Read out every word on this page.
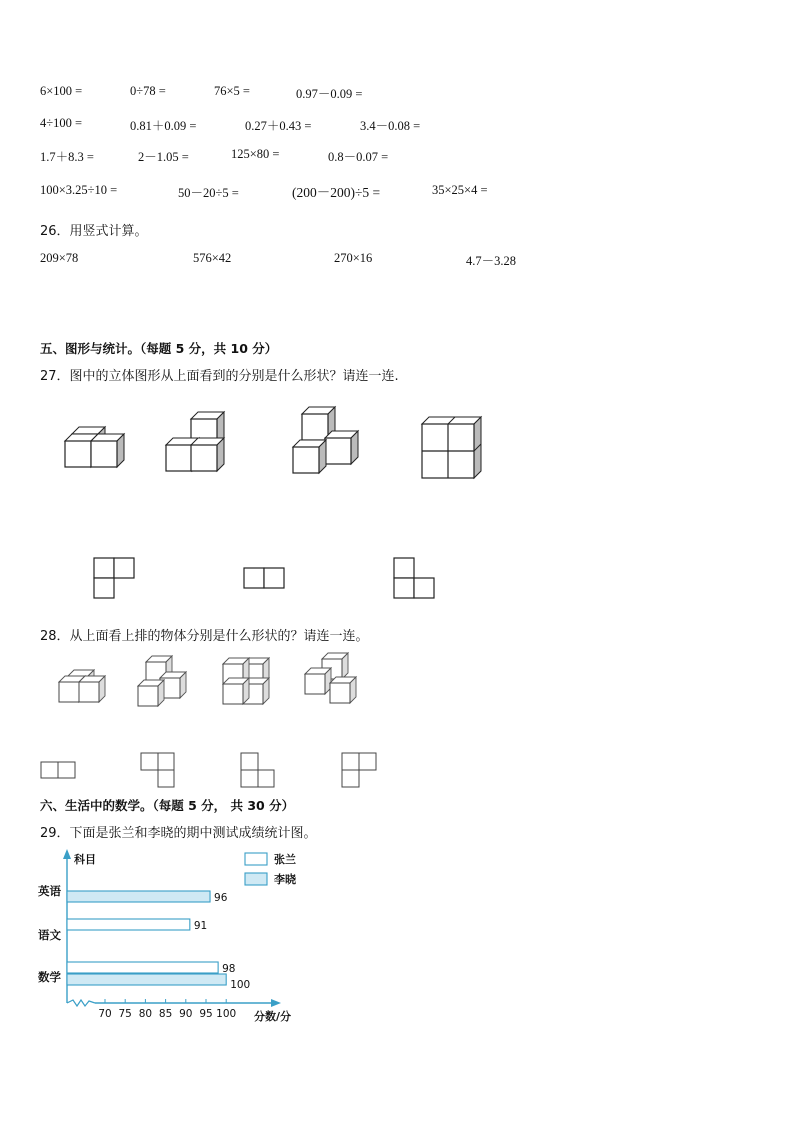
6×100 =	0÷78 =	76×5 =	0.97－0.09 =
4÷100 =	0.81＋0.09 =	0.27＋0.43 =	3.4－0.08 =
1.7＋8.3 =	2－1.05 =	125×80 =	0.8－0.07 =
100×3.25÷10 =	50－20÷5 =	(200－200)÷5 =	35×25×4 =
26．用竖式计算。
209×78	576×42	270×16	4.7－3.28
五、图形与统计。（每题 5 分，共 10 分）
27．图中的立体图形从上面看到的分别是什么形状？请连一连.
28．从上面看上排的物体分别是什么形状的？请连一连。
六、生活中的数学。（每题 5 分， 共 30 分）
29．下面是张兰和李晓的期中测试成绩统计图。
70 75 80 85 90 95 100
科目
分数/分
英语	96
语文
91
数学
98
100
张兰
李晓
